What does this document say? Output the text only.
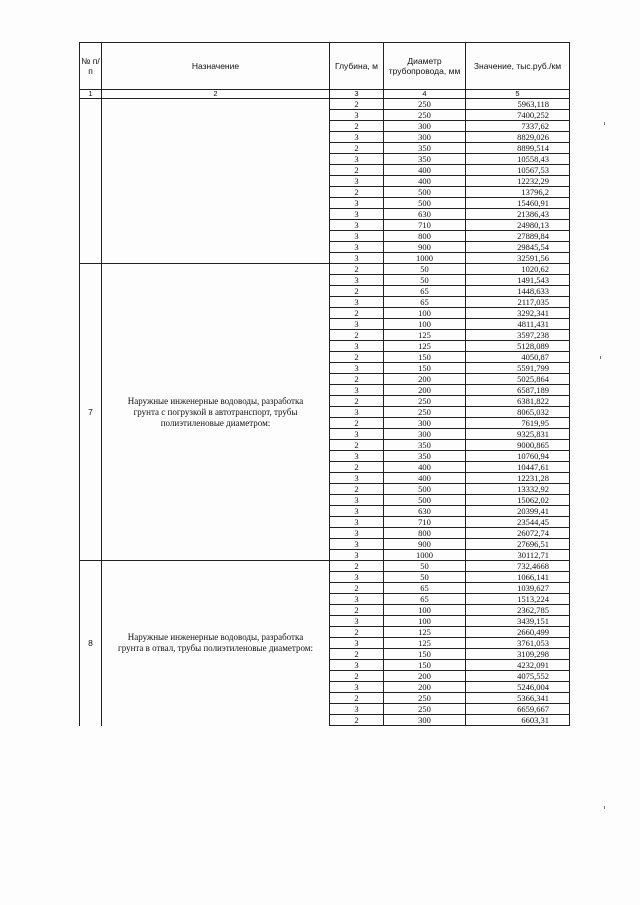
№ п/п	Назначение	Глубина, м	Диаметр трубопровода, мм	Значение, тыс.руб./км
1	2	3	4	5
		2	250	5963,118
		3	250	7400,252
		2	300	7337,62
		3	300	8829,026
		2	350	8899,514
		3	350	10558,43
		2	400	10567,53
		3	400	12232,29
		2	500	13796,2
		3	500	15460,91
		3	630	21386,43
		3	710	24980,13
		3	800	27889,84
		3	900	29845,54
		3	1000	32591,56
7	Наружные инженерные водоводы, разработка грунта с погрузкой в автотранспорт, трубы полиэтиленовые диаметром:	2	50	1020,62
		3	50	1491,543
		2	65	1448,633
		3	65	2117,035
		2	100	3292,341
		3	100	4811,431
		2	125	3597,238
		3	125	5128,089
		2	150	4050,87
		3	150	5591,799
		2	200	5025,864
		3	200	6587,189
		2	250	6381,822
		3	250	8065,032
		2	300	7619,95
		3	300	9325,831
		2	350	9000,865
		3	350	10760,94
		2	400	10447,61
		3	400	12231,28
		2	500	13332,92
		3	500	15062,02
		3	630	20399,41
		3	710	23544,45
		3	800	26072,74
		3	900	27696,51
		3	1000	30112,71
8	Наружные инженерные водоводы, разработка грунта в отвал, трубы полиэтиленовые диаметром:	2	50	732,4668
		3	50	1066,141
		2	65	1039,627
		3	65	1513,224
		2	100	2362,785
		3	100	3439,151
		2	125	2660,499
		3	125	3761,053
		2	150	3109,298
		3	150	4232,091
		2	200	4075,552
		3	200	5246,004
		2	250	5366,341
		3	250	6659,667
		2	300	6603,31
